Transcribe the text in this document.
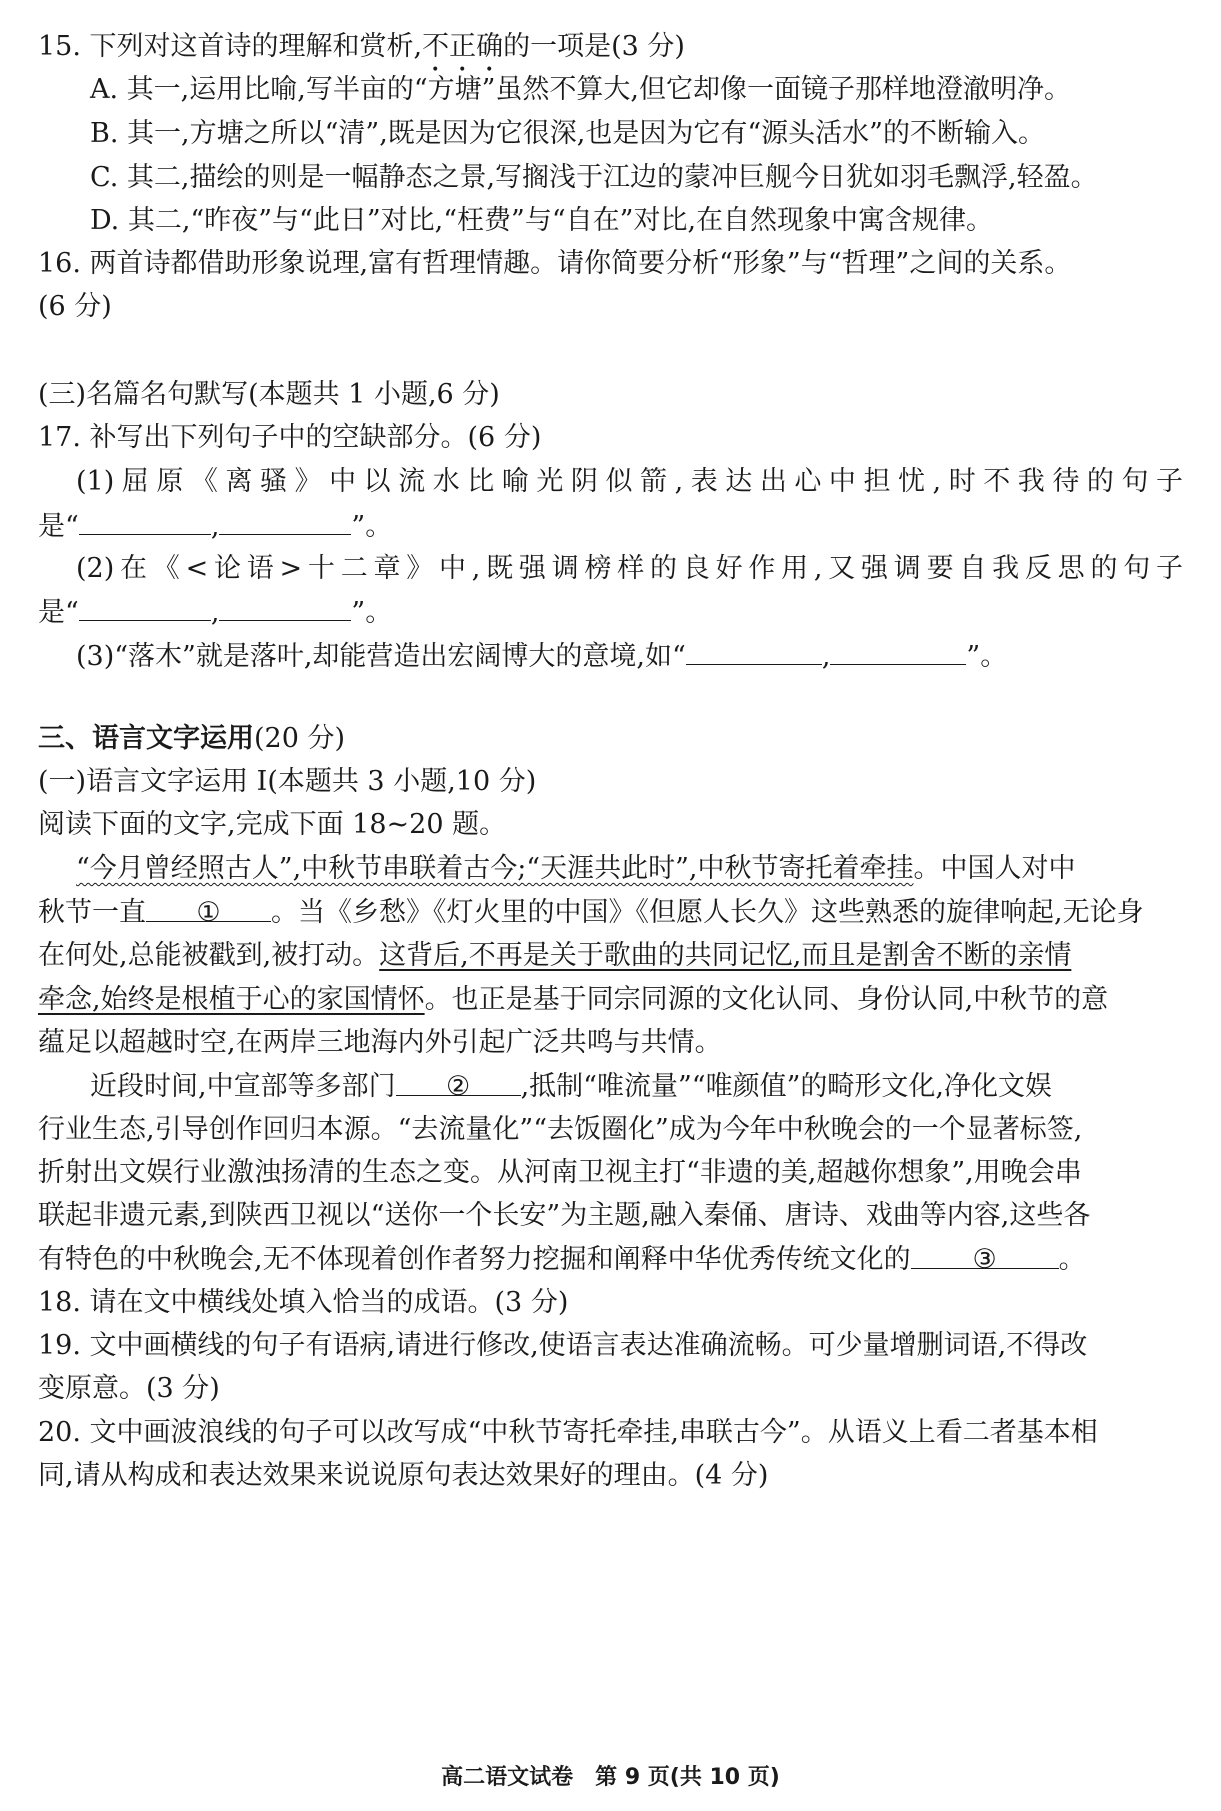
15. 下列对这首诗的理解和赏析,不正确的一项是(3 分)
A. 其一,运用比喻,写半亩的“方塘”虽然不算大,但它却像一面镜子那样地澄澈明净。
B. 其一,方塘之所以“清”,既是因为它很深,也是因为它有“源头活水”的不断输入。
C. 其二,描绘的则是一幅静态之景,写搁浅于江边的蒙冲巨舰今日犹如羽毛飘浮,轻盈。
D. 其二,“昨夜”与“此日”对比,“枉费”与“自在”对比,在自然现象中寓含规律。
16. 两首诗都借助形象说理,富有哲理情趣。请你简要分析“形象”与“哲理”之间的关系。
(6 分)
(三)名篇名句默写(本题共 1 小题,6 分)
17. 补写出下列句子中的空缺部分。(6 分)
(1)屈原《离骚》中以流水比喻光阴似箭,表达出心中担忧,时不我待的句子
是“	,	”。
(2)在《<论语>十二章》中,既强调榜样的良好作用,又强调要自我反思的句子
是“	,	”。
(3)“落木”就是落叶,却能营造出宏阔博大的意境,如“	,	”。
三、语言文字运用(20 分)
(一)语言文字运用 I(本题共 3 小题,10 分)
阅读下面的文字,完成下面 18~20 题。
“今月曾经照古人”,中秋节串联着古今;“天涯共此时”,中秋节寄托着牵挂。中国人对中
秋节一直 ① 。当《乡愁》《灯火里的中国》《但愿人长久》这些熟悉的旋律响起,无论身
在何处,总能被戳到,被打动。这背后,不再是关于歌曲的共同记忆,而且是割舍不断的亲情
牵念,始终是根植于心的家国情怀。也正是基于同宗同源的文化认同、身份认同,中秋节的意
蕴足以超越时空,在两岸三地海内外引起广泛共鸣与共情。
近段时间,中宣部等多部门 ② ,抵制“唯流量”“唯颜值”的畸形文化,净化文娱
行业生态,引导创作回归本源。“去流量化”“去饭圈化”成为今年中秋晚会的一个显著标签,
折射出文娱行业激浊扬清的生态之变。从河南卫视主打“非遗的美,超越你想象”,用晚会串
联起非遗元素,到陕西卫视以“送你一个长安”为主题,融入秦俑、唐诗、戏曲等内容,这些各
有特色的中秋晚会,无不体现着创作者努力挖掘和阐释中华优秀传统文化的 ③ 。
18. 请在文中横线处填入恰当的成语。(3 分)
19. 文中画横线的句子有语病,请进行修改,使语言表达准确流畅。可少量增删词语,不得改
变原意。(3 分)
20. 文中画波浪线的句子可以改写成“中秋节寄托牵挂,串联古今”。从语义上看二者基本相
同,请从构成和表达效果来说说原句表达效果好的理由。(4 分)
高二语文试卷　第 9 页(共 10 页)
